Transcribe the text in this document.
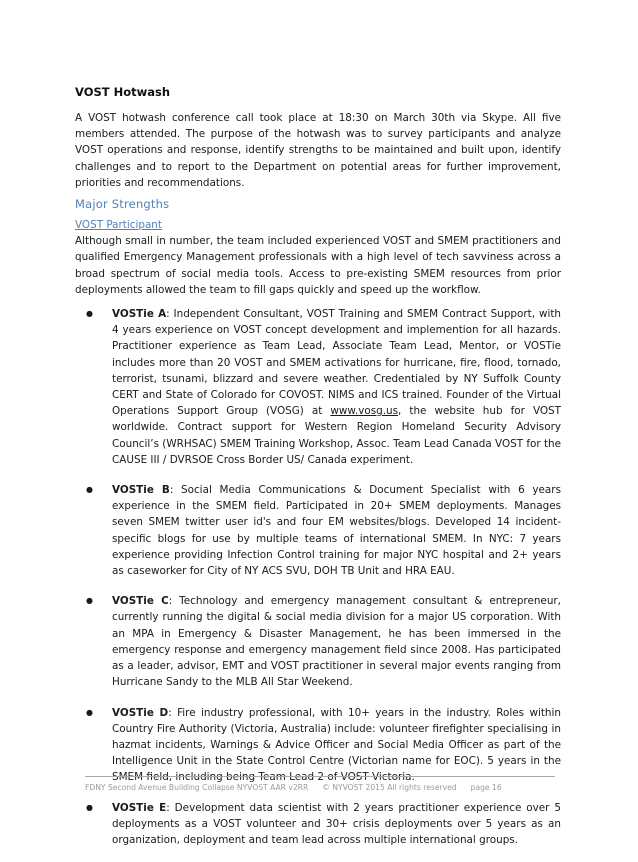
VOST Hotwash

A VOST hotwash conference call took place at 18:30 on March 30th via Skype. All five members attended. The purpose of the hotwash was to survey participants and analyze VOST operations and response, identify strengths to be maintained and built upon, identify challenges and to report to the Department on potential areas for further improvement, priorities and recommendations.

Major Strengths
VOST Participant

Although small in number, the team included experienced VOST and SMEM practitioners and qualified Emergency Management professionals with a high level of tech savviness across a broad spectrum of social media tools. Access to pre-existing SMEM resources from prior deployments allowed the team to fill gaps quickly and speed up the workflow.

● VOSTie A: Independent Consultant, VOST Training and SMEM Contract Support, with 4 years experience on VOST concept development and implemention for all hazards. Practitioner experience as Team Lead, Associate Team Lead, Mentor, or VOSTie includes more than 20 VOST and SMEM activations for hurricane, fire, flood, tornado, terrorist, tsunami, blizzard and severe weather. Credentialed by NY Suffolk County CERT and State of Colorado for COVOST. NIMS and ICS trained. Founder of the Virtual Operations Support Group (VOSG) at www.vosg.us, the website hub for VOST worldwide. Contract support for Western Region Homeland Security Advisory Council’s (WRHSAC) SMEM Training Workshop, Assoc. Team Lead Canada VOST for the CAUSE III / DVRSOE Cross Border US/ Canada experiment.

● VOSTie B: Social Media Communications & Document Specialist with 6 years experience in the SMEM field. Participated in 20+ SMEM deployments. Manages seven SMEM twitter user id's and four EM websites/blogs. Developed 14 incident-specific blogs for use by multiple teams of international SMEM. In NYC: 7 years experience providing Infection Control training for major NYC hospital and 2+ years as caseworker for City of NY ACS SVU, DOH TB Unit and HRA EAU.

● VOSTie C: Technology and emergency management consultant & entrepreneur, currently running the digital & social media division for a major US corporation. With an MPA in Emergency & Disaster Management, he has been immersed in the emergency response and emergency management field since 2008. Has participated as a leader, advisor, EMT and VOST practitioner in several major events ranging from Hurricane Sandy to the MLB All Star Weekend.

● VOSTie D: Fire industry professional, with 10+ years in the industry. Roles within Country Fire Authority (Victoria, Australia) include: volunteer firefighter specialising in hazmat incidents, Warnings & Advice Officer and Social Media Officer as part of the Intelligence Unit in the State Control Centre (Victorian name for EOC). 5 years in the SMEM field, including being Team Lead 2 of VOST Victoria.

● VOSTie E: Development data scientist with 2 years practitioner experience over 5 deployments as a VOST volunteer and 30+ crisis deployments over 5 years as an organization, deployment and team lead across multiple international groups.

FDNY Second Avenue Building Collapse NYVOST AAR v2RR © NYVOST 2015 All rights reserved page 16
